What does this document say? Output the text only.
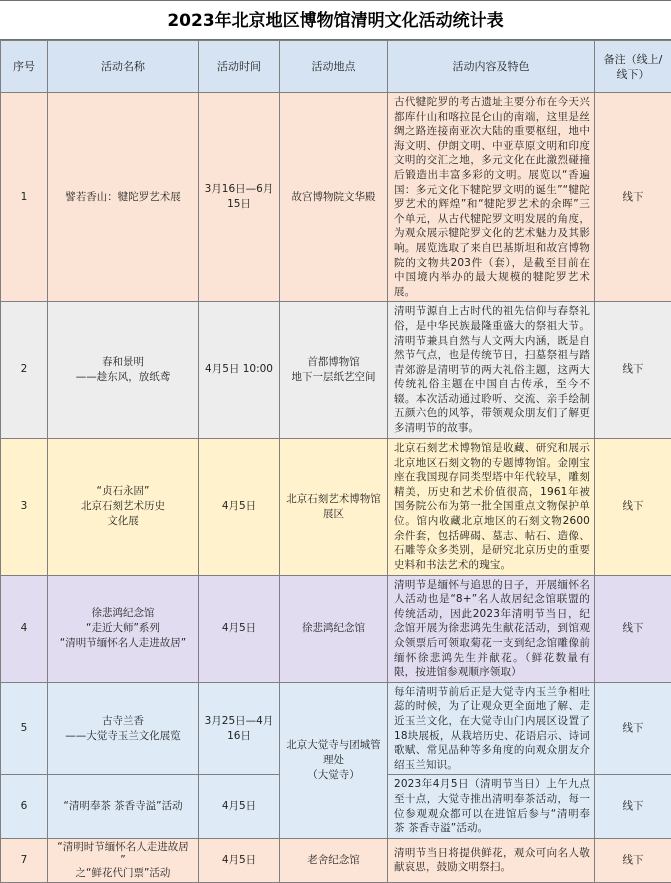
2023年北京地区博物馆清明文化活动统计表
序号	活动名称	活动时间	活动地点	活动内容及特色	备注（线上/
线下）

1	譬若香山：犍陀罗艺术展	3月16日—6月15日	故宫博物院文华殿	古代犍陀罗的考古遗址主要分布在今天兴都库什山和喀拉昆仑山的南端，这里是丝绸之路连接南亚次大陆的重要枢纽，地中海文明、伊朗文明、中亚草原文明和印度文明的交汇之地，多元文化在此激烈碰撞后锻造出丰富多彩的文明。展览以“香遍国：多元文化下犍陀罗文明的诞生”“犍陀罗艺术的辉煌”和“犍陀罗艺术的余晖”三个单元，从古代犍陀罗文明发展的角度，为观众展示犍陀罗文化的艺术魅力及其影响。展览选取了来自巴基斯坦和故宫博物院的文物共203件（套），是截至目前在中国境内举办的最大规模的犍陀罗艺术展。	线下
2	春和景明
——趁东风，放纸鸢	4月5日 10:00	首都博物馆
地下一层纸艺空间	清明节源自上古时代的祖先信仰与春祭礼俗，是中华民族最隆重盛大的祭祖大节。清明节兼具自然与人文两大内涵，既是自然节气点，也是传统节日，扫墓祭祖与踏青郊游是清明节的两大礼俗主题，这两大传统礼俗主题在中国自古传承，至今不辍。本次活动通过聆听、交流、亲手绘制五颜六色的风筝，带领观众朋友们了解更多清明节的故事。	线下
3	“贞石永固”
北京石刻艺术历史
文化展	4月5日	北京石刻艺术博物馆
展区	北京石刻艺术博物馆是收藏、研究和展示北京地区石刻文物的专题博物馆。金刚宝座在我国现存同类型塔中年代较早，雕刻精美，历史和艺术价值很高，1961年被国务院公布为第一批全国重点文物保护单位。馆内收藏北京地区的石刻文物2600余件套，包括碑碣、墓志、帖石、造像、石雕等众多类别，是研究北京历史的重要史料和书法艺术的瑰宝。	线下
4	徐悲鸿纪念馆
“走近大师”系列
“清明节缅怀名人走进故居”	4月5日	徐悲鸿纪念馆	清明节是缅怀与追思的日子，开展缅怀名人活动也是“8+”名人故居纪念馆联盟的传统活动，因此2023年清明节当日，纪念馆开展为徐悲鸿先生献花活动，到馆观众领票后可领取菊花一支到纪念馆雕像前缅怀徐悲鸿先生并献花。（鲜花数量有限，按进馆参观顺序领取）	线下
5	古寺兰香
——大觉寺玉兰文化展览	3月25日—4月16日	北京大觉寺与团城管
理处
（大觉寺）	每年清明节前后正是大觉寺内玉兰争相吐蕊的时候，为了让观众更全面地了解、走近玉兰文化，在大觉寺山门内展区设置了18块展板，从栽培历史、花语启示、诗词歌赋、常见品种等多角度的向观众朋友介绍玉兰知识。	线下
6	“清明奉茶 茶香寺溢”活动	4月5日		2023年4月5日（清明节当日）上午九点至十点，大觉寺推出清明奉茶活动，每一位参观观众都可以在进馆后参与“清明奉茶 茶香寺溢”活动。	线下
7	“清明时节缅怀名人走进故居
”
之“鲜花代门票”活动	4月5日	老舍纪念馆	清明节当日将提供鲜花，观众可向名人敬献哀思，鼓励文明祭扫。	线下
